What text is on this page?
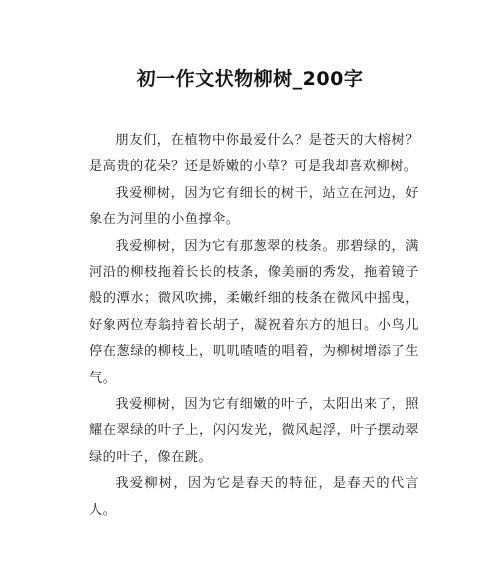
初一作文状物柳树_200字

朋友们，在植物中你最爱什么？是苍天的大榕树？是高贵的花朵？还是娇嫩的小草？可是我却喜欢柳树。

我爱柳树，因为它有细长的树干，站立在河边，好象在为河里的小鱼撑伞。

我爱柳树，因为它有那葱翠的枝条。那碧绿的，满河沿的柳枝拖着长长的枝条，像美丽的秀发，拖着镜子般的潭水；微风吹拂，柔嫩纤细的枝条在微风中摇曳，好象两位寿翁持着长胡子，凝祝着东方的旭日。小鸟儿停在葱绿的柳枝上，叽叽喳喳的唱着，为柳树增添了生气。

我爱柳树，因为它有细嫩的叶子，太阳出来了，照耀在翠绿的叶子上，闪闪发光，微风起浮，叶子摆动翠绿的叶子，像在跳。

我爱柳树，因为它是春天的特征，是春天的代言人。
